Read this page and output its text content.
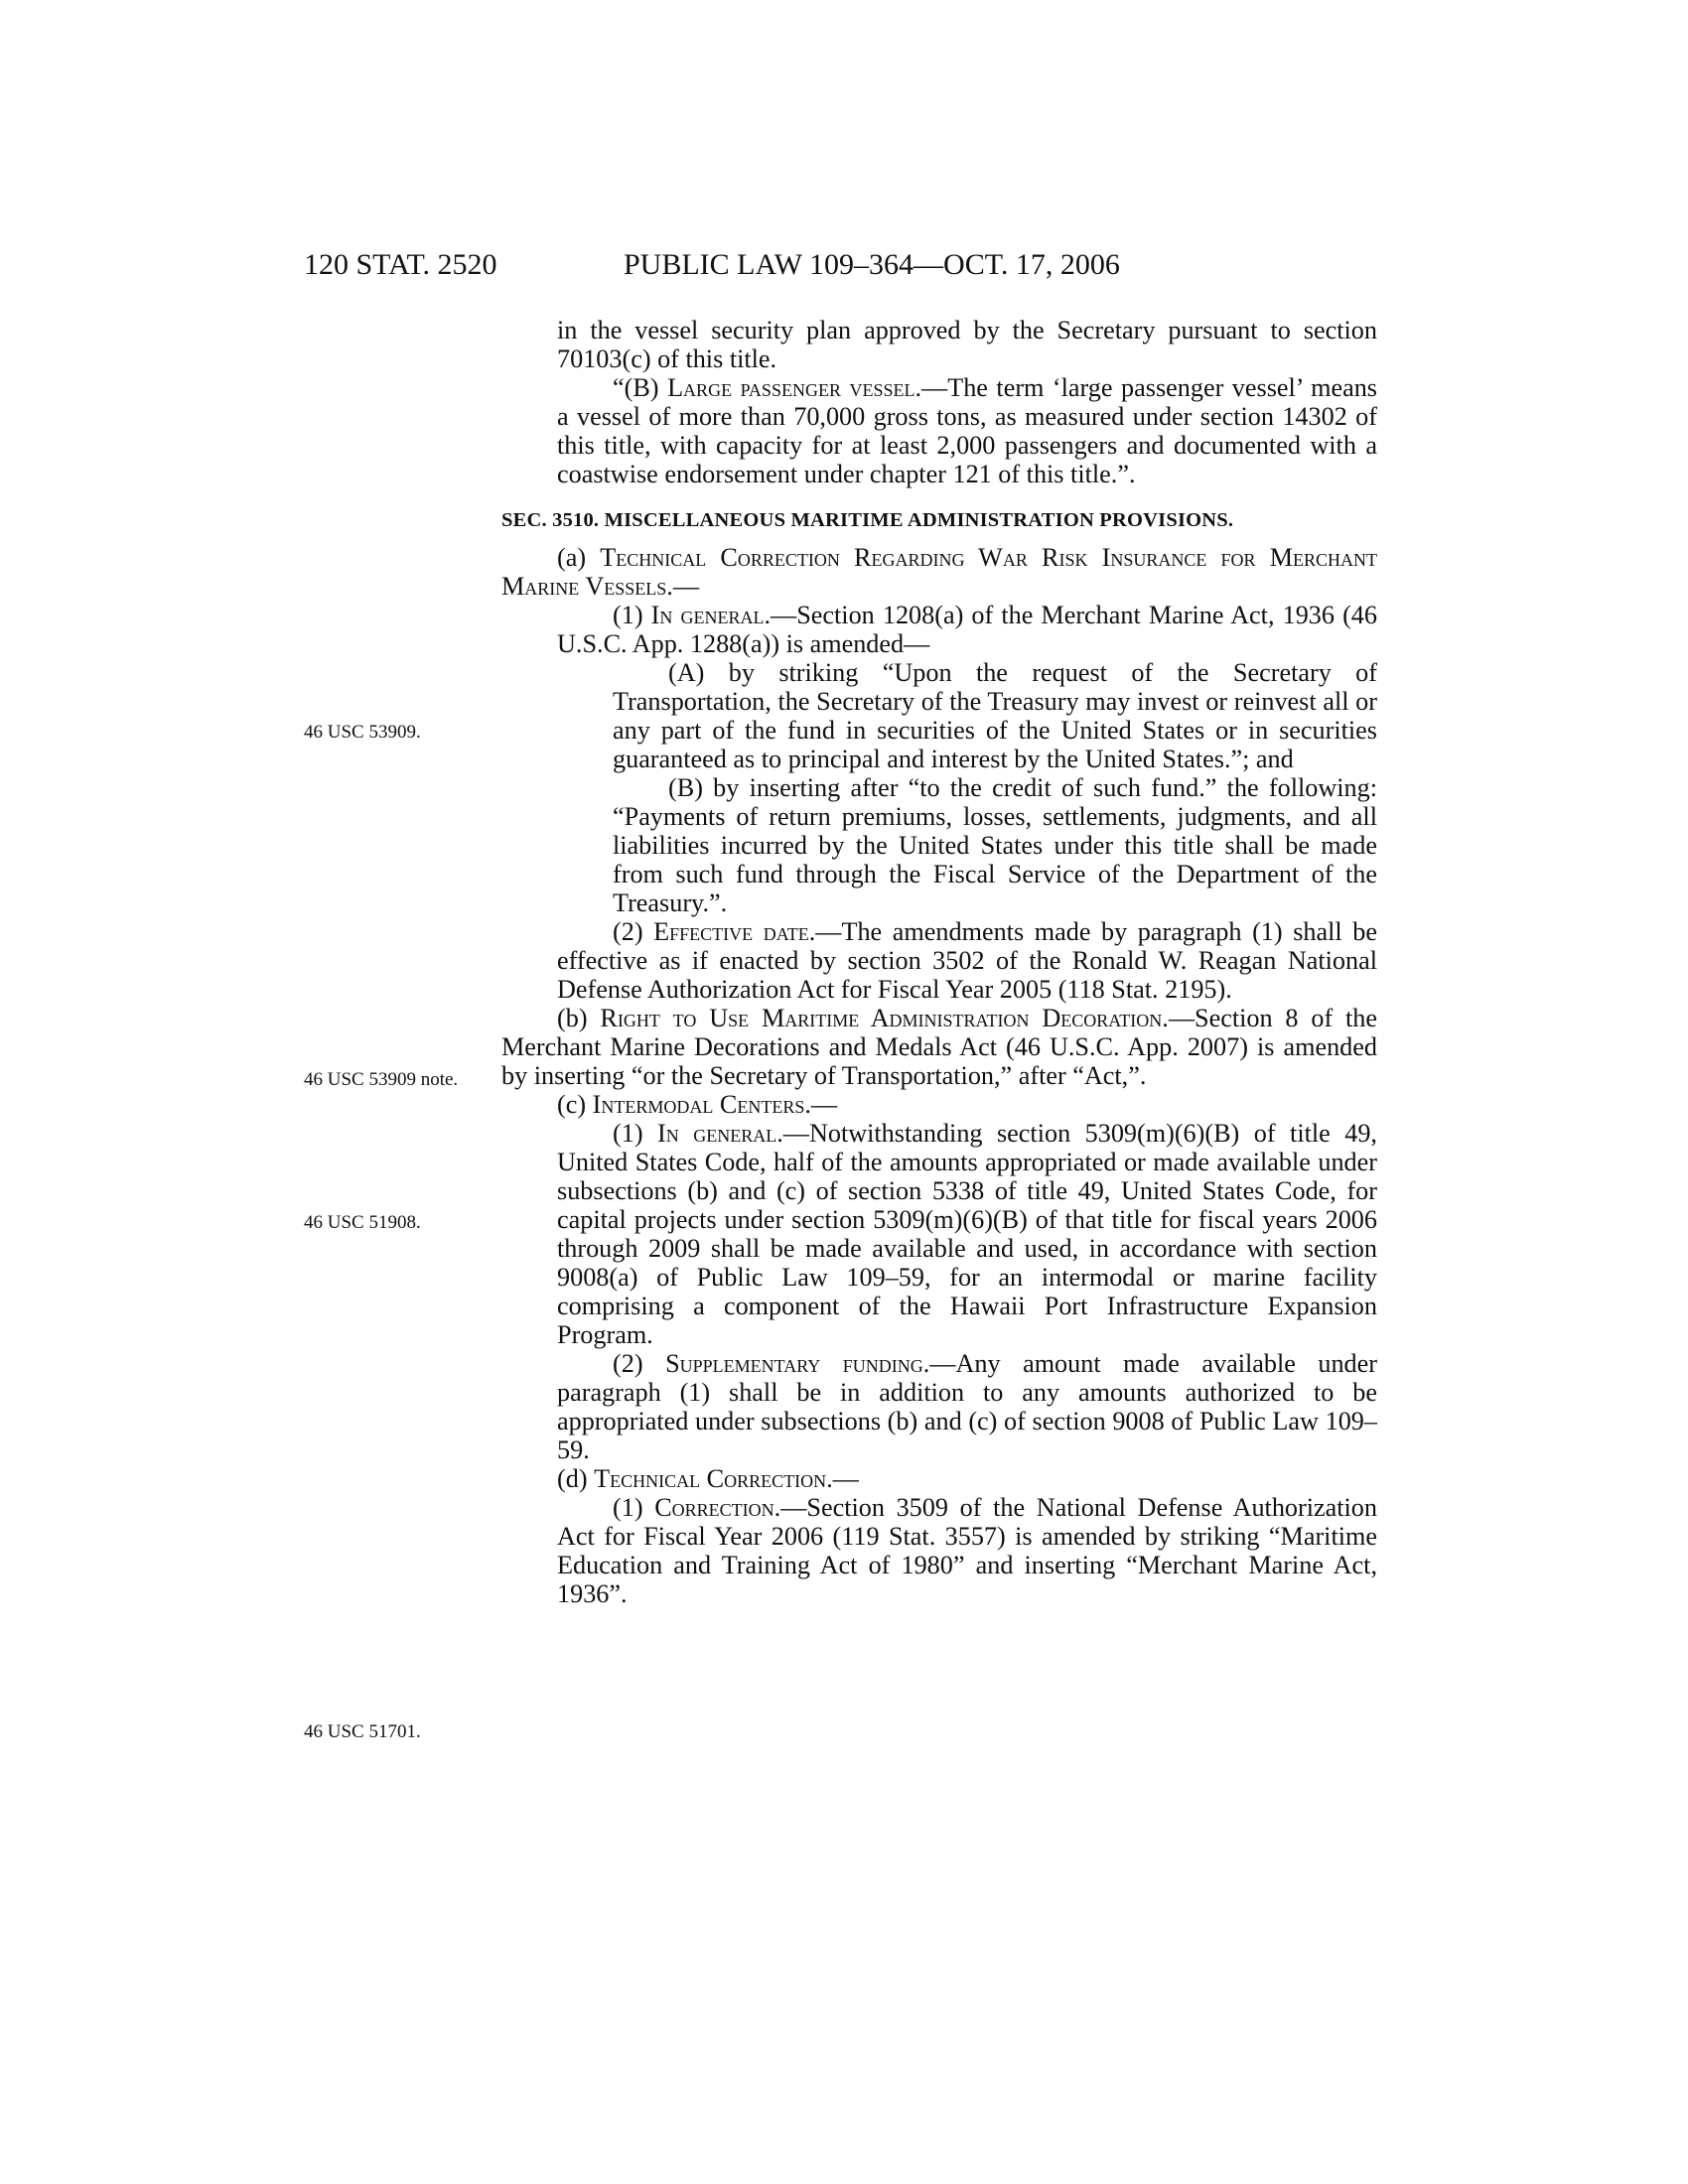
120 STAT. 2520	PUBLIC LAW 109–364—OCT. 17, 2006
46 USC 53909.
46 USC 53909 note.
46 USC 51908.
46 USC 51701.

in the vessel security plan approved by the Secretary pursuant to section 70103(c) of this title.

“(B) Large passenger vessel.—The term ‘large passenger vessel’ means a vessel of more than 70,000 gross tons, as measured under section 14302 of this title, with capacity for at least 2,000 passengers and documented with a coastwise endorsement under chapter 121 of this title.”.

SEC. 3510. MISCELLANEOUS MARITIME ADMINISTRATION PROVISIONS.

(a) Technical Correction Regarding War Risk Insurance for Merchant Marine Vessels.—

(1) In general.—Section 1208(a) of the Merchant Marine Act, 1936 (46 U.S.C. App. 1288(a)) is amended—

(A) by striking “Upon the request of the Secretary of Transportation, the Secretary of the Treasury may invest or reinvest all or any part of the fund in securities of the United States or in securities guaranteed as to principal and interest by the United States.”; and

(B) by inserting after “to the credit of such fund.” the following: “Payments of return premiums, losses, settlements, judgments, and all liabilities incurred by the United States under this title shall be made from such fund through the Fiscal Service of the Department of the Treasury.”.

(2) Effective date.—The amendments made by paragraph (1) shall be effective as if enacted by section 3502 of the Ronald W. Reagan National Defense Authorization Act for Fiscal Year 2005 (118 Stat. 2195).

(b) Right to Use Maritime Administration Decoration.—Section 8 of the Merchant Marine Decorations and Medals Act (46 U.S.C. App. 2007) is amended by inserting “or the Secretary of Transportation,” after “Act,”.

(c) Intermodal Centers.—

(1) In general.—Notwithstanding section 5309(m)(6)(B) of title 49, United States Code, half of the amounts appropriated or made available under subsections (b) and (c) of section 5338 of title 49, United States Code, for capital projects under section 5309(m)(6)(B) of that title for fiscal years 2006 through 2009 shall be made available and used, in accordance with section 9008(a) of Public Law 109–59, for an intermodal or marine facility comprising a component of the Hawaii Port Infrastructure Expansion Program.

(2) Supplementary funding.—Any amount made available under paragraph (1) shall be in addition to any amounts authorized to be appropriated under subsections (b) and (c) of section 9008 of Public Law 109–59.

(d) Technical Correction.—

(1) Correction.—Section 3509 of the National Defense Authorization Act for Fiscal Year 2006 (119 Stat. 3557) is amended by striking “Maritime Education and Training Act of 1980” and inserting “Merchant Marine Act, 1936”.
